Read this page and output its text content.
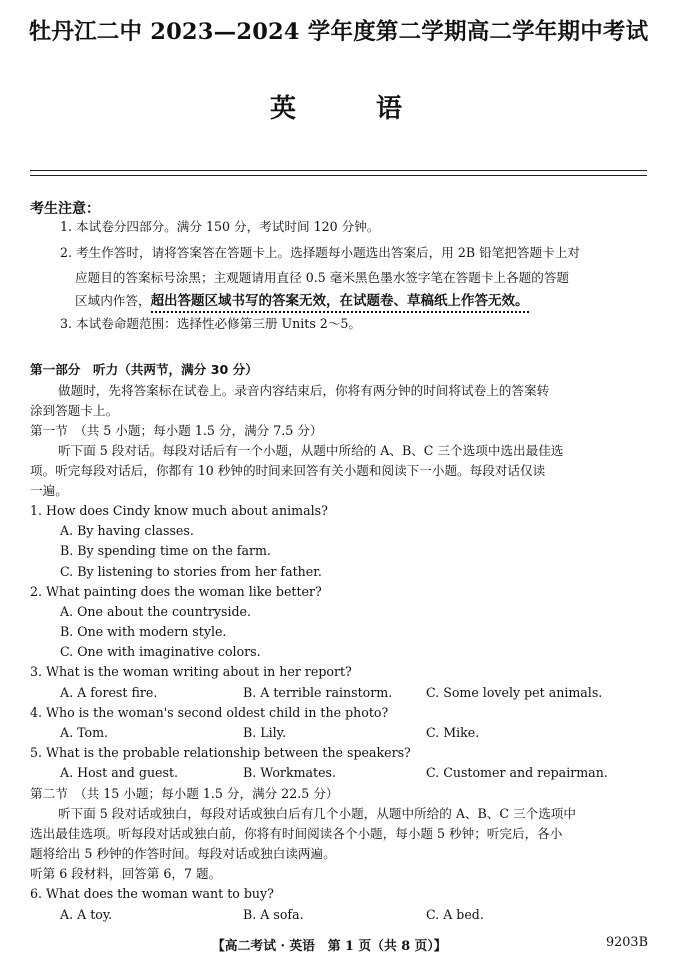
牡丹江二中 2023—2024 学年度第二学期高二学年期中考试
英	语
考生注意：
1. 本试卷分四部分。满分 150 分，考试时间 120 分钟。
2. 考生作答时，请将答案答在答题卡上。选择题每小题选出答案后，用 2B 铅笔把答题卡上对
应题目的答案标号涂黑；主观题请用直径 0.5 毫米黑色墨水签字笔在答题卡上各题的答题
区域内作答，超出答题区域书写的答案无效，在试题卷、草稿纸上作答无效。
3. 本试卷命题范围：选择性必修第三册 Units 2～5。
第一部分　听力（共两节，满分 30 分）
做题时，先将答案标在试卷上。录音内容结束后，你将有两分钟的时间将试卷上的答案转
涂到答题卡上。
第一节　（共 5 小题；每小题 1.5 分，满分 7.5 分）
听下面 5 段对话。每段对话后有一个小题，从题中所给的 A、B、C 三个选项中选出最佳选
项。听完每段对话后，你都有 10 秒钟的时间来回答有关小题和阅读下一小题。每段对话仅读
一遍。
1. How does Cindy know much about animals?
A. By having classes.
B. By spending time on the farm.
C. By listening to stories from her father.
2. What painting does the woman like better?
A. One about the countryside.
B. One with modern style.
C. One with imaginative colors.
3. What is the woman writing about in her report?
A. A forest fire.	B. A terrible rainstorm.	C. Some lovely pet animals.
4. Who is the woman's second oldest child in the photo?
A. Tom.	B. Lily.	C. Mike.
5. What is the probable relationship between the speakers?
A. Host and guest.	B. Workmates.	C. Customer and repairman.
第二节　（共 15 小题；每小题 1.5 分，满分 22.5 分）
听下面 5 段对话或独白，每段对话或独白后有几个小题，从题中所给的 A、B、C 三个选项中
选出最佳选项。听每段对话或独白前，你将有时间阅读各个小题，每小题 5 秒钟；听完后，各小
题将给出 5 秒钟的作答时间。每段对话或独白读两遍。
听第 6 段材料，回答第 6，7 题。
6. What does the woman want to buy?
A. A toy.	B. A sofa.	C. A bed.
【高二考试 · 英语　第 1 页（共 8 页）】	9203B
